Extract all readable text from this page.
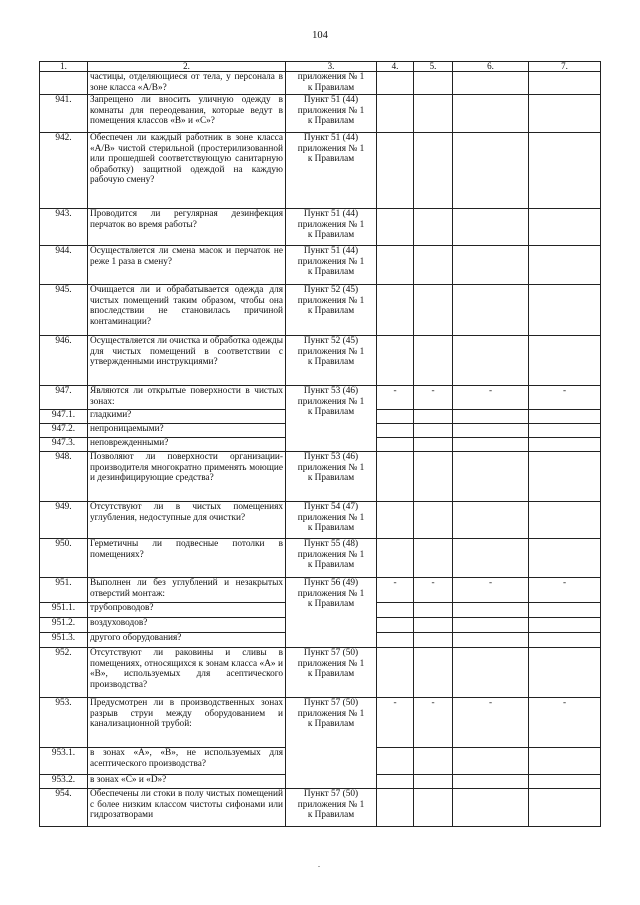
104
1.	2.	3.	4.	5.	6.	7.
	частицы, отделяющиеся от тела, у персонала в зоне класса «А/В»?	приложения № 1
к Правилам				

941.	Запрещено ли вносить уличную одежду в комнаты для переодевания, которые ведут в помещения классов «В» и «С»?	Пункт 51 (44)
приложения № 1
к Правилам				

942.	Обеспечен ли каждый работник в зоне класса «А/В» чистой стерильной (простерилизованной или прошедшей соответствующую санитарную обработку) защитной одеждой на каждую рабочую смену?	Пункт 51 (44)
приложения № 1
к Правилам				

943.	Проводится ли регулярная дезинфекция перчаток во время работы?	Пункт 51 (44)
приложения № 1
к Правилам				

944.	Осуществляется ли смена масок и перчаток не реже 1 раза в смену?	Пункт 51 (44)
приложения № 1
к Правилам				

945.	Очищается ли и обрабатывается одежда для чистых помещений таким образом, чтобы она впоследствии не становилась причиной контаминации?	Пункт 52 (45)
приложения № 1
к Правилам				

946.	Осуществляется ли очистка и обработка одежды для чистых помещений в соответствии с утвержденными инструкциями?	Пункт 52 (45)
приложения № 1
к Правилам				

947.	Являются ли открытые поверхности в чистых зонах:	Пункт 53 (46)
приложения № 1
к Правилам	-	-	-	-
947.1.	гладкими?					
947.2.	непроницаемыми?					
947.3.	неповрежденными?					
948.	Позволяют ли поверхности организации-производителя многократно применять моющие и дезинфицирующие средства?	Пункт 53 (46)
приложения № 1
к Правилам				

949.	Отсутствуют ли в чистых помещениях углубления, недоступные для очистки?	Пункт 54 (47)
приложения № 1
к Правилам				

950.	Герметичны ли подвесные потолки в помещениях?	Пункт 55 (48)
приложения № 1
к Правилам				

951.	Выполнен ли без углублений и незакрытых отверстий монтаж:	Пункт 56 (49)
приложения № 1
к Правилам	-	-	-	-
951.1.	трубопроводов?					
951.2.	воздуховодов?					
951.3.	другого оборудования?					
952.	Отсутствуют ли раковины и сливы в помещениях, относящихся к зонам класса «А» и «В», используемых для асептического производства?	Пункт 57 (50)
приложения № 1
к Правилам				

953.	Предусмотрен ли в производственных зонах разрыв струи между оборудованием и канализационной трубой:	Пункт 57 (50)
приложения № 1
к Правилам	-	-	-	-
953.1.	в зонах «А», «В», не используемых для асептического производства?					
953.2.	в зонах «С» и «D»?					
954.	Обеспечены ли стоки в полу чистых помещений с более низким классом чистоты сифонами или гидрозатворами	Пункт 57 (50)
приложения № 1
к Правилам				

.
